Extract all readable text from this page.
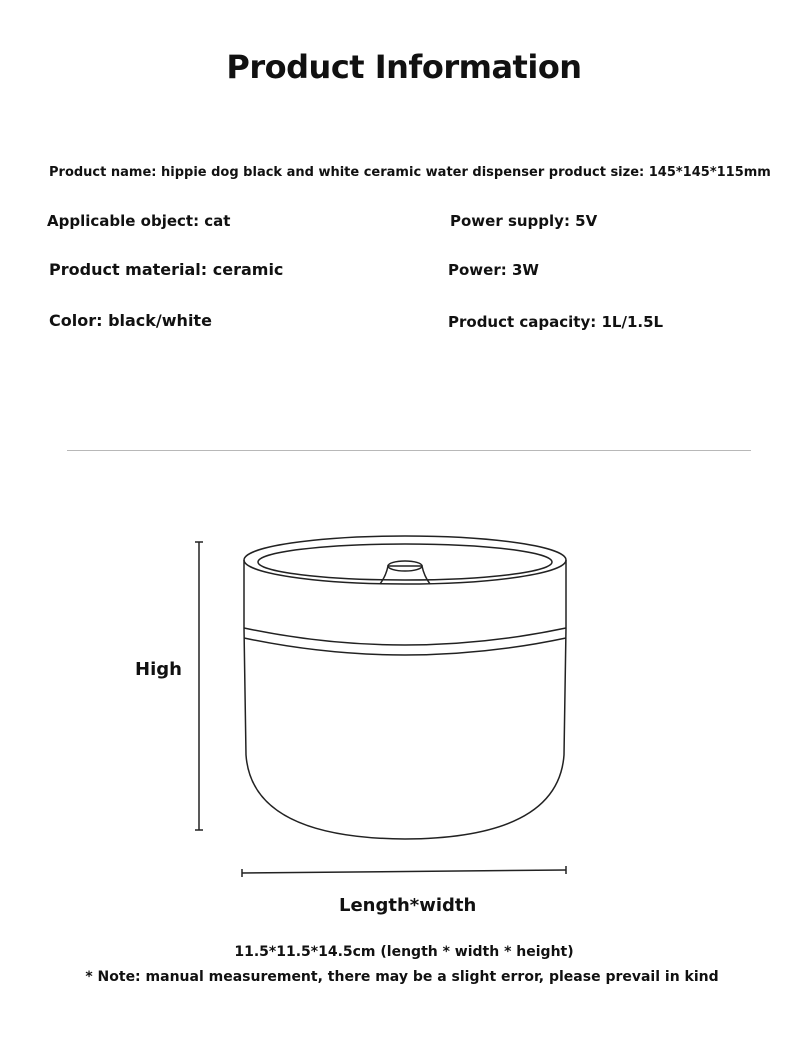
Product Information
Product name: hippie dog black and white ceramic water dispenser product size: 145*145*115mm
Applicable object: cat	Power supply: 5V
Product material: ceramic	Power: 3W
Color: black/white	Product capacity: 1L/1.5L
High
Length*width
11.5*11.5*14.5cm (length * width * height)
* Note: manual measurement, there may be a slight error, please prevail in kind
